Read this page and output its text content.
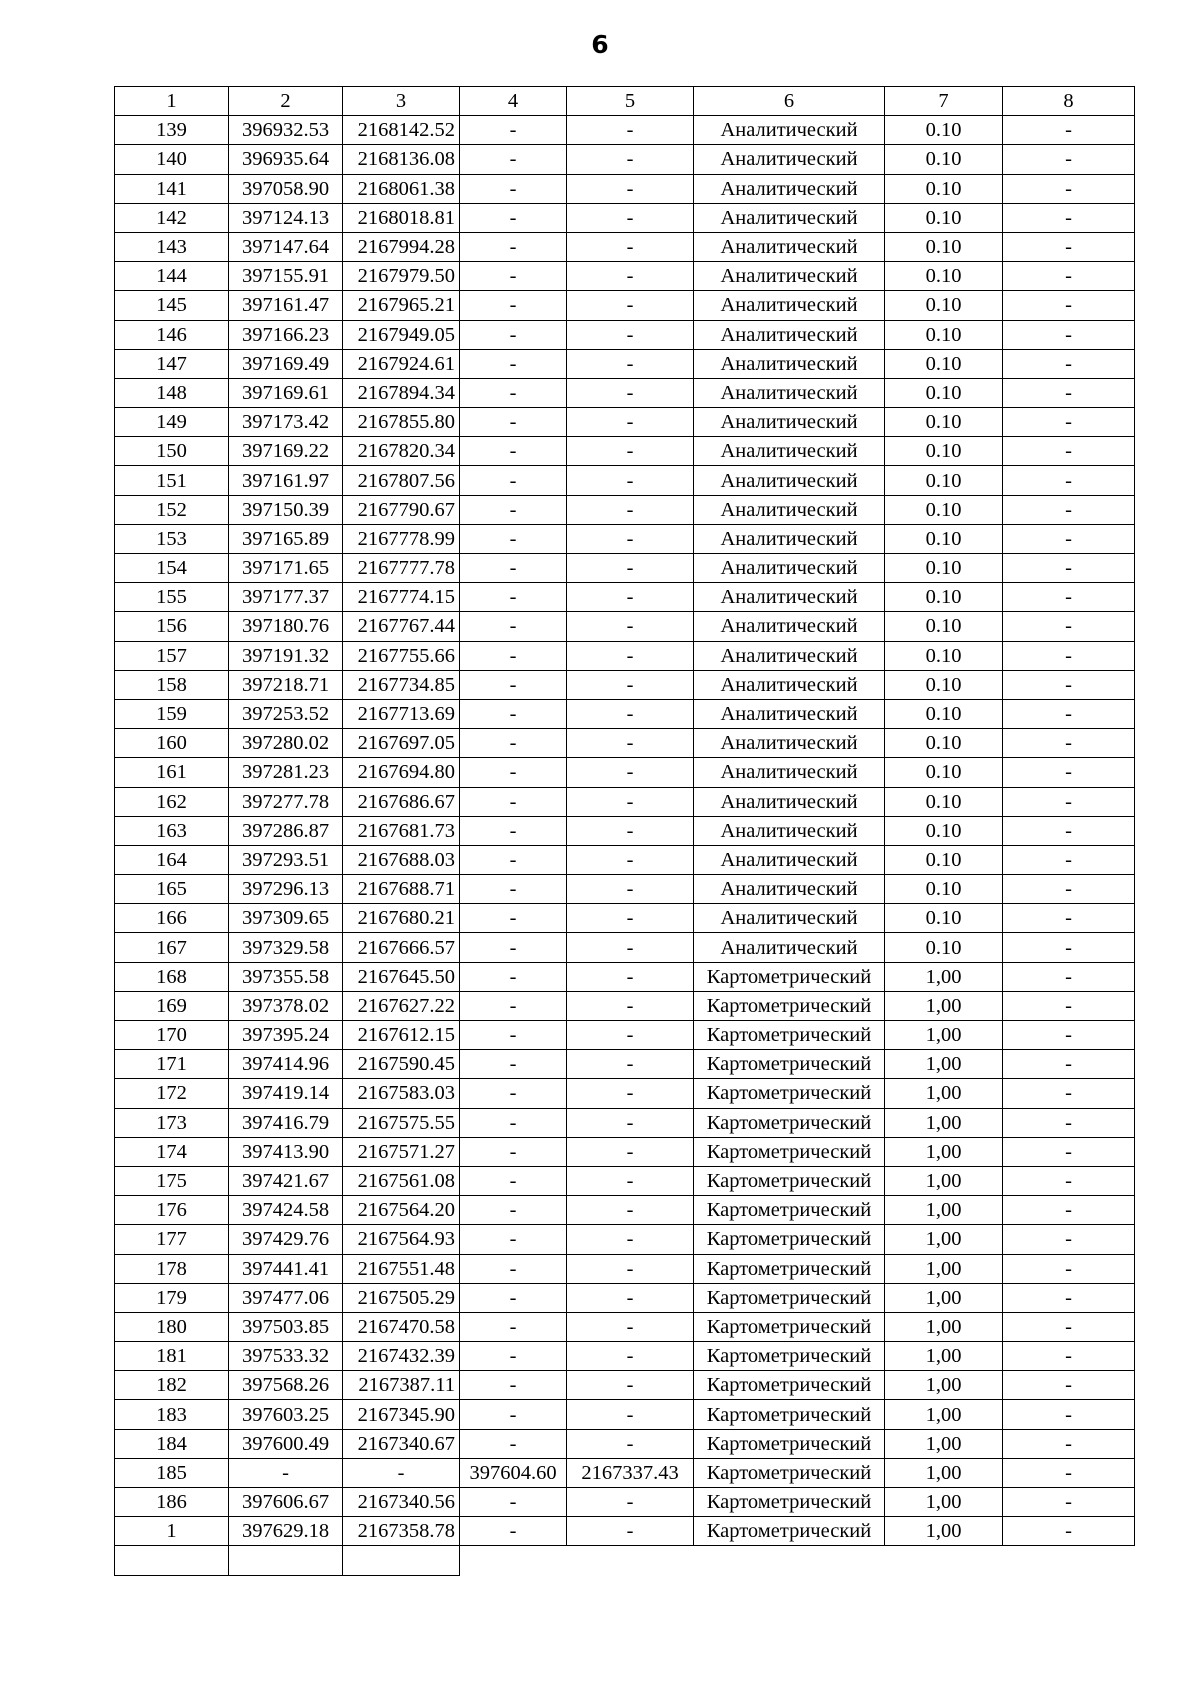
6
1	2	3	4	5	6	7	8
139	396932.53	2168142.52	-	-	Аналитический	0.10	-
140	396935.64	2168136.08	-	-	Аналитический	0.10	-
141	397058.90	2168061.38	-	-	Аналитический	0.10	-
142	397124.13	2168018.81	-	-	Аналитический	0.10	-
143	397147.64	2167994.28	-	-	Аналитический	0.10	-
144	397155.91	2167979.50	-	-	Аналитический	0.10	-
145	397161.47	2167965.21	-	-	Аналитический	0.10	-
146	397166.23	2167949.05	-	-	Аналитический	0.10	-
147	397169.49	2167924.61	-	-	Аналитический	0.10	-
148	397169.61	2167894.34	-	-	Аналитический	0.10	-
149	397173.42	2167855.80	-	-	Аналитический	0.10	-
150	397169.22	2167820.34	-	-	Аналитический	0.10	-
151	397161.97	2167807.56	-	-	Аналитический	0.10	-
152	397150.39	2167790.67	-	-	Аналитический	0.10	-
153	397165.89	2167778.99	-	-	Аналитический	0.10	-
154	397171.65	2167777.78	-	-	Аналитический	0.10	-
155	397177.37	2167774.15	-	-	Аналитический	0.10	-
156	397180.76	2167767.44	-	-	Аналитический	0.10	-
157	397191.32	2167755.66	-	-	Аналитический	0.10	-
158	397218.71	2167734.85	-	-	Аналитический	0.10	-
159	397253.52	2167713.69	-	-	Аналитический	0.10	-
160	397280.02	2167697.05	-	-	Аналитический	0.10	-
161	397281.23	2167694.80	-	-	Аналитический	0.10	-
162	397277.78	2167686.67	-	-	Аналитический	0.10	-
163	397286.87	2167681.73	-	-	Аналитический	0.10	-
164	397293.51	2167688.03	-	-	Аналитический	0.10	-
165	397296.13	2167688.71	-	-	Аналитический	0.10	-
166	397309.65	2167680.21	-	-	Аналитический	0.10	-
167	397329.58	2167666.57	-	-	Аналитический	0.10	-
168	397355.58	2167645.50	-	-	Картометрический	1,00	-
169	397378.02	2167627.22	-	-	Картометрический	1,00	-
170	397395.24	2167612.15	-	-	Картометрический	1,00	-
171	397414.96	2167590.45	-	-	Картометрический	1,00	-
172	397419.14	2167583.03	-	-	Картометрический	1,00	-
173	397416.79	2167575.55	-	-	Картометрический	1,00	-
174	397413.90	2167571.27	-	-	Картометрический	1,00	-
175	397421.67	2167561.08	-	-	Картометрический	1,00	-
176	397424.58	2167564.20	-	-	Картометрический	1,00	-
177	397429.76	2167564.93	-	-	Картометрический	1,00	-
178	397441.41	2167551.48	-	-	Картометрический	1,00	-
179	397477.06	2167505.29	-	-	Картометрический	1,00	-
180	397503.85	2167470.58	-	-	Картометрический	1,00	-
181	397533.32	2167432.39	-	-	Картометрический	1,00	-
182	397568.26	2167387.11	-	-	Картометрический	1,00	-
183	397603.25	2167345.90	-	-	Картометрический	1,00	-
184	397600.49	2167340.67	-	-	Картометрический	1,00	-
185	-	-	397604.60	2167337.43	Картометрический	1,00	-
186	397606.67	2167340.56	-	-	Картометрический	1,00	-
1	397629.18	2167358.78	-	-	Картометрический	1,00	-
